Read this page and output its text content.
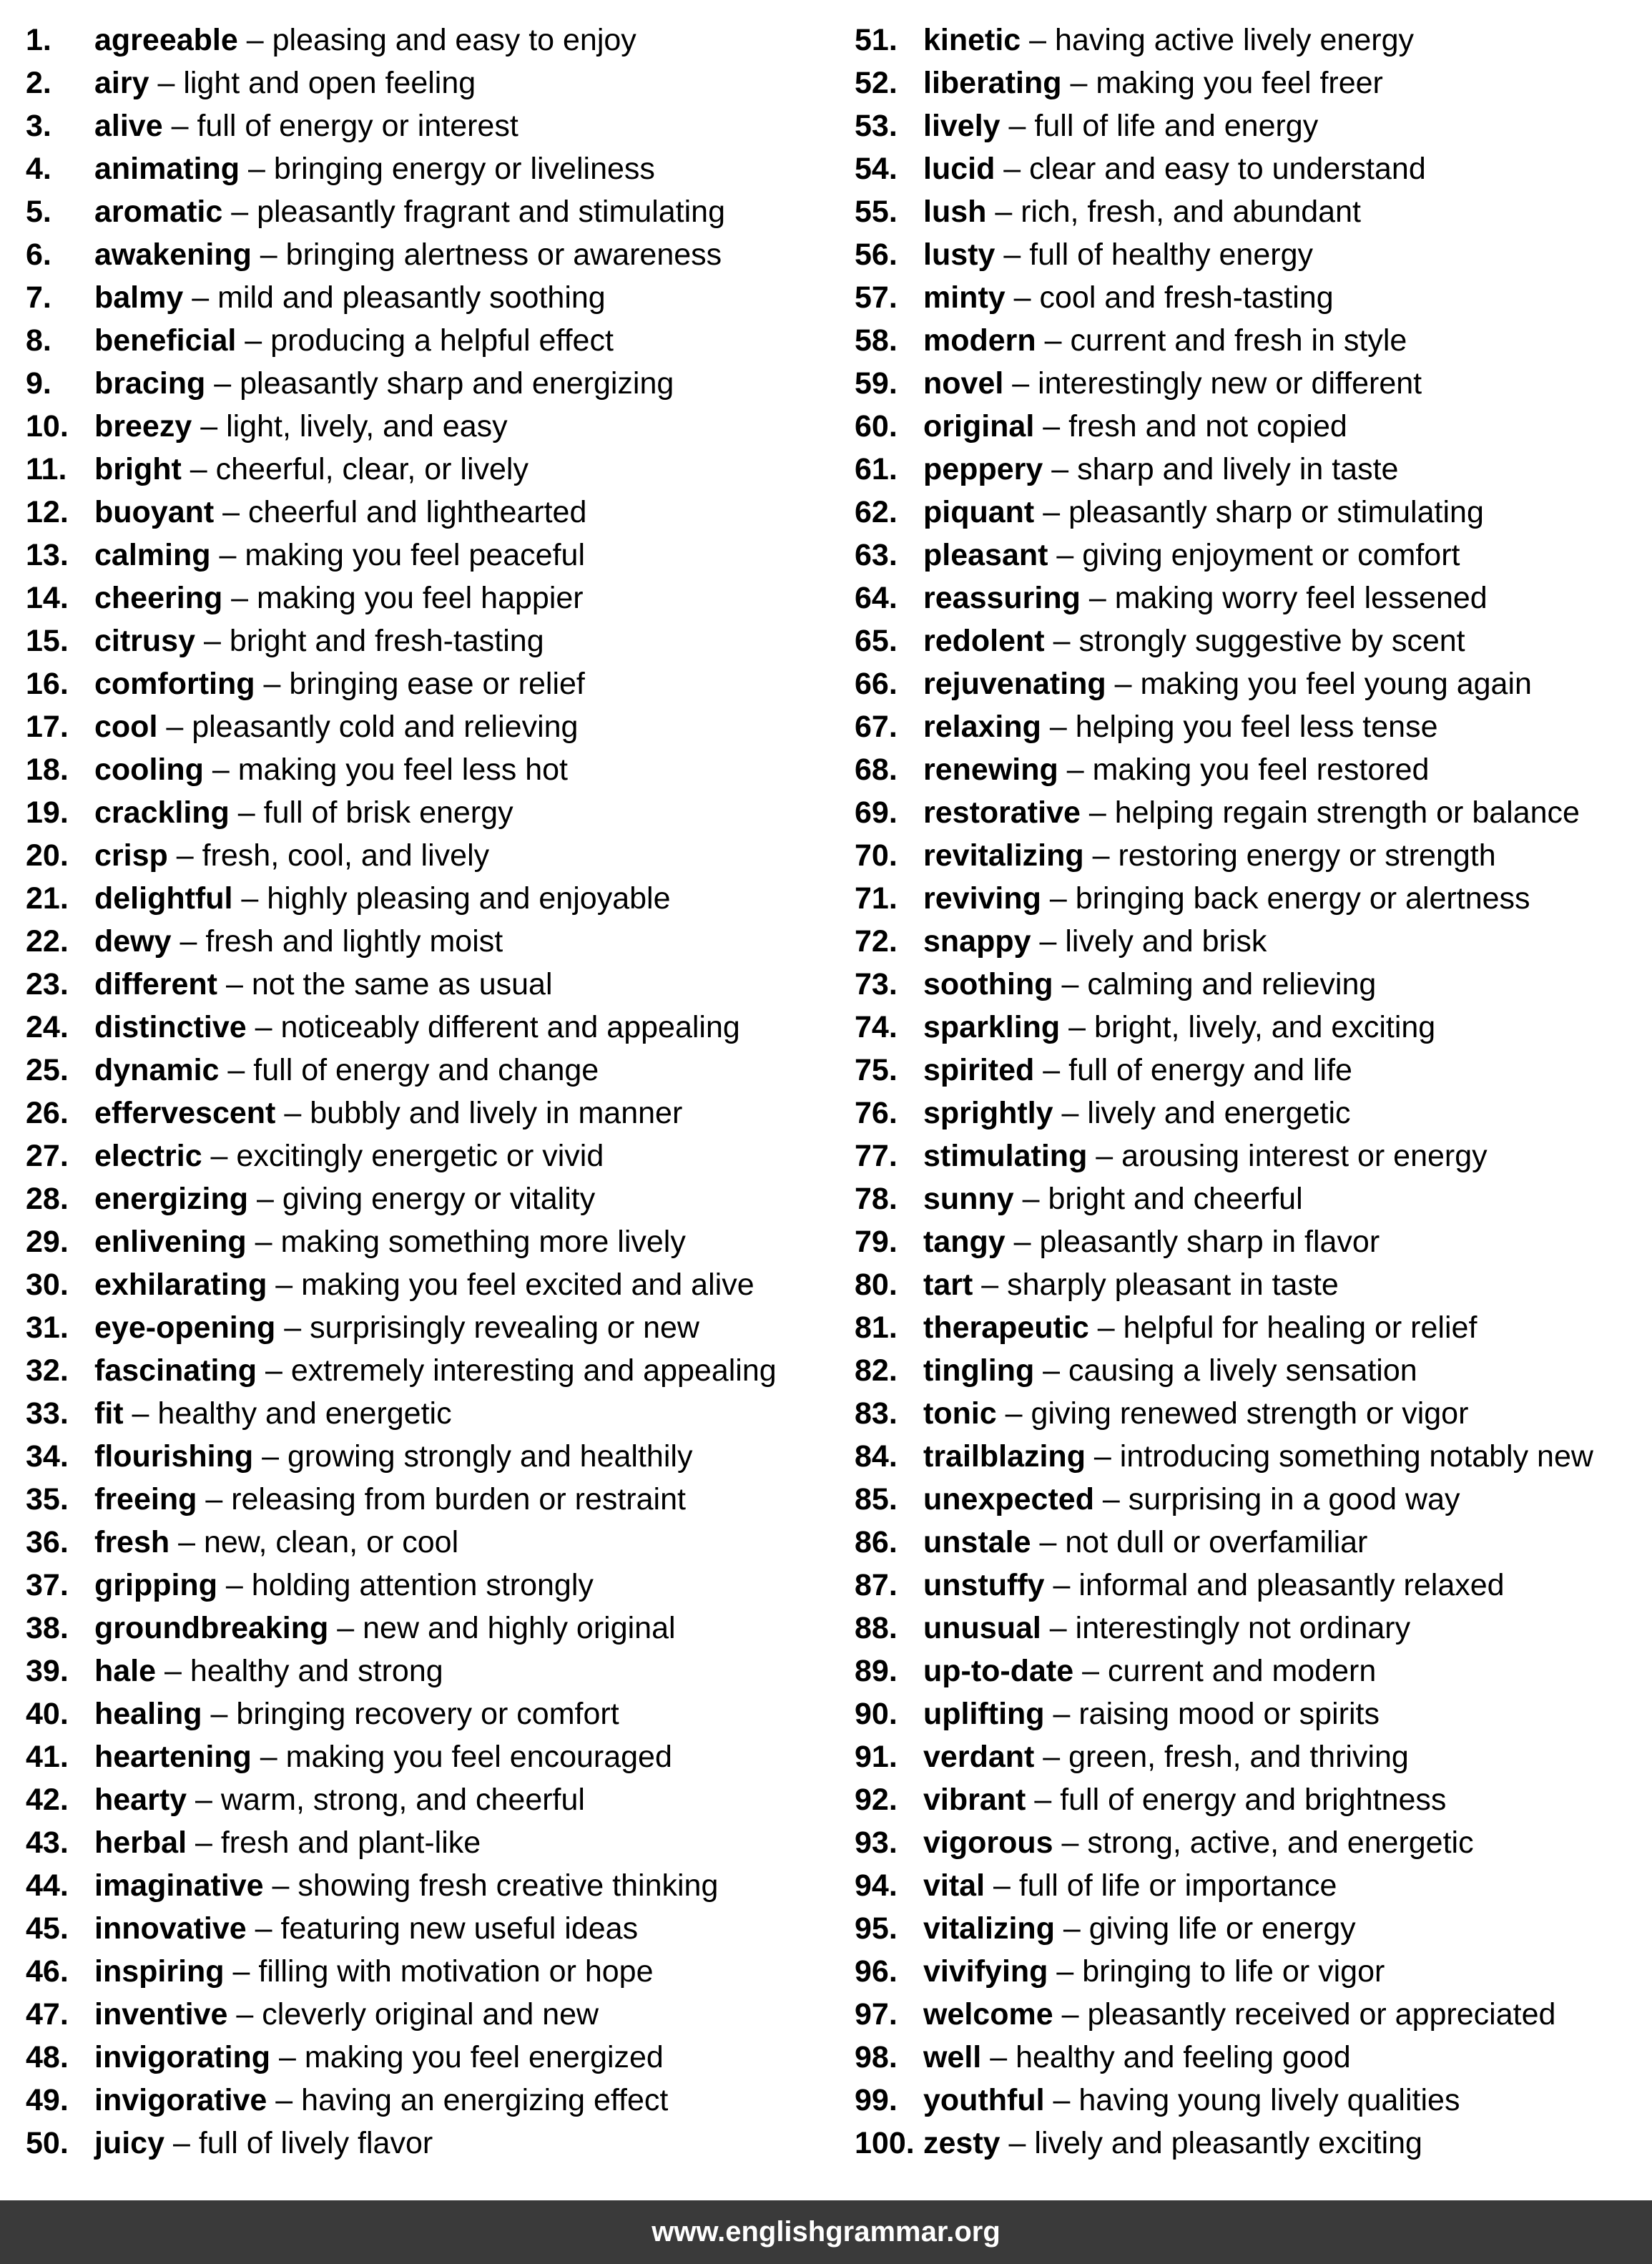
1.	agreeable – pleasing and easy to enjoy
2.	airy – light and open feeling
3.	alive – full of energy or interest
4.	animating – bringing energy or liveliness
5.	aromatic – pleasantly fragrant and stimulating
6.	awakening – bringing alertness or awareness
7.	balmy – mild and pleasantly soothing
8.	beneficial – producing a helpful effect
9.	bracing – pleasantly sharp and energizing
10. breezy – light, lively, and easy
11. bright – cheerful, clear, or lively
12. buoyant – cheerful and lighthearted
13. calming – making you feel peaceful
14. cheering – making you feel happier
15. citrusy – bright and fresh-tasting
16. comforting – bringing ease or relief
17. cool – pleasantly cold and relieving
18. cooling – making you feel less hot
19. crackling – full of brisk energy
20. crisp – fresh, cool, and lively
21. delightful – highly pleasing and enjoyable
22. dewy – fresh and lightly moist
23. different – not the same as usual
24. distinctive – noticeably different and appealing
25. dynamic – full of energy and change
26. effervescent – bubbly and lively in manner
27. electric – excitingly energetic or vivid
28. energizing – giving energy or vitality
29. enlivening – making something more lively
30. exhilarating – making you feel excited and alive
31. eye-opening – surprisingly revealing or new
32. fascinating – extremely interesting and appealing
33. fit – healthy and energetic
34. flourishing – growing strongly and healthily
35. freeing – releasing from burden or restraint
36. fresh – new, clean, or cool
37. gripping – holding attention strongly
38. groundbreaking – new and highly original
39. hale – healthy and strong
40. healing – bringing recovery or comfort
41. heartening – making you feel encouraged
42. hearty – warm, strong, and cheerful
43. herbal – fresh and plant-like
44. imaginative – showing fresh creative thinking
45. innovative – featuring new useful ideas
46. inspiring – filling with motivation or hope
47. inventive – cleverly original and new
48. invigorating – making you feel energized
49. invigorative – having an energizing effect
50. juicy – full of lively flavor
51. kinetic – having active lively energy
52. liberating – making you feel freer
53. lively – full of life and energy
54. lucid – clear and easy to understand
55. lush – rich, fresh, and abundant
56. lusty – full of healthy energy
57. minty – cool and fresh-tasting
58. modern – current and fresh in style
59. novel – interestingly new or different
60. original – fresh and not copied
61. peppery – sharp and lively in taste
62. piquant – pleasantly sharp or stimulating
63. pleasant – giving enjoyment or comfort
64. reassuring – making worry feel lessened
65. redolent – strongly suggestive by scent
66. rejuvenating – making you feel young again
67. relaxing – helping you feel less tense
68. renewing – making you feel restored
69. restorative – helping regain strength or balance
70. revitalizing – restoring energy or strength
71. reviving – bringing back energy or alertness
72. snappy – lively and brisk
73. soothing – calming and relieving
74. sparkling – bright, lively, and exciting
75. spirited – full of energy and life
76. sprightly – lively and energetic
77. stimulating – arousing interest or energy
78. sunny – bright and cheerful
79. tangy – pleasantly sharp in flavor
80. tart – sharply pleasant in taste
81. therapeutic – helpful for healing or relief
82. tingling – causing a lively sensation
83. tonic – giving renewed strength or vigor
84. trailblazing – introducing something notably new
85. unexpected – surprising in a good way
86. unstale – not dull or overfamiliar
87. unstuffy – informal and pleasantly relaxed
88. unusual – interestingly not ordinary
89. up-to-date – current and modern
90. uplifting – raising mood or spirits
91. verdant – green, fresh, and thriving
92. vibrant – full of energy and brightness
93. vigorous – strong, active, and energetic
94. vital – full of life or importance
95. vitalizing – giving life or energy
96. vivifying – bringing to life or vigor
97. welcome – pleasantly received or appreciated
98. well – healthy and feeling good
99. youthful – having young lively qualities
100. zesty – lively and pleasantly exciting
www.englishgrammar.org
